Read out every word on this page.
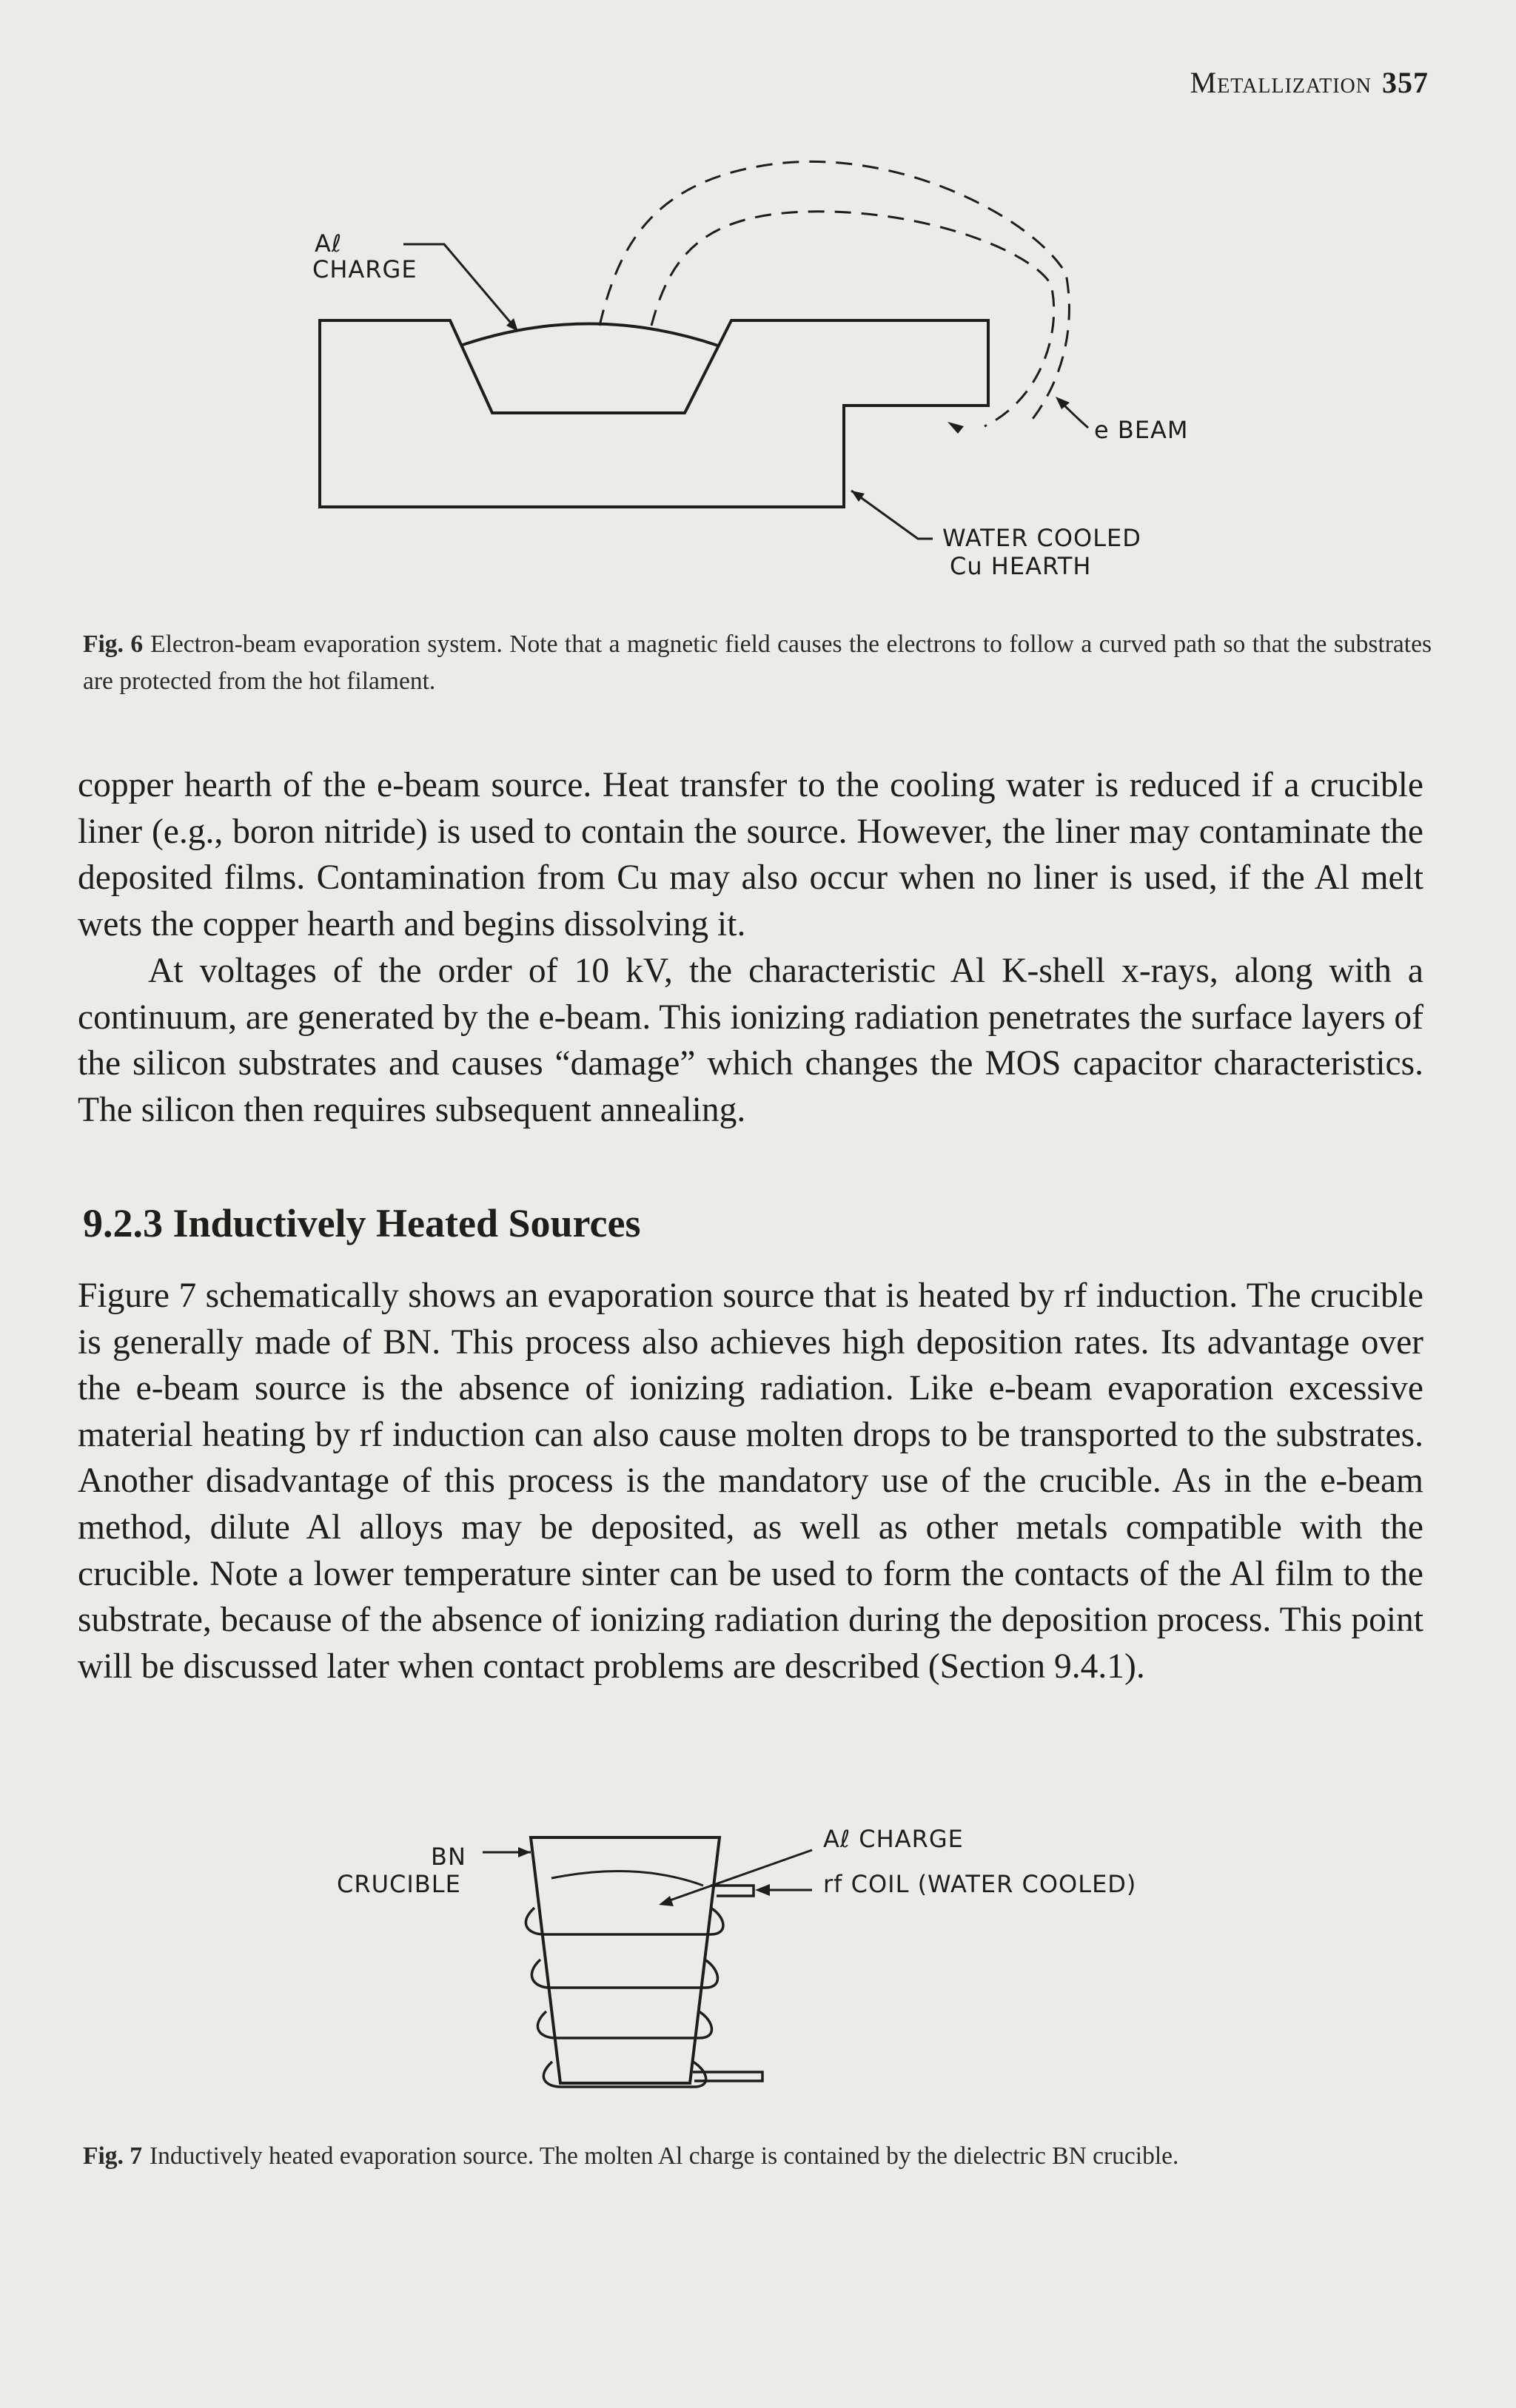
Metallization 357
Aℓ
CHARGE
e BEAM
WATER COOLED
Cu HEARTH
Fig. 6 Electron-beam evaporation system. Note that a magnetic field causes the electrons to follow a curved path so that the substrates are protected from the hot filament.

copper hearth of the e-beam source. Heat transfer to the cooling water is reduced if a crucible liner (e.g., boron nitride) is used to contain the source. However, the liner may contaminate the deposited films. Contamination from Cu may also occur when no liner is used, if the Al melt wets the copper hearth and begins dissolving it.

At voltages of the order of 10 kV, the characteristic Al K-shell x-rays, along with a continuum, are generated by the e-beam. This ionizing radiation penetrates the surface layers of the silicon substrates and causes “damage” which changes the MOS capacitor characteristics. The silicon then requires subsequent annealing.

9.2.3 Inductively Heated Sources

Figure 7 schematically shows an evaporation source that is heated by rf induction. The crucible is generally made of BN. This process also achieves high deposition rates. Its advantage over the e-beam source is the absence of ionizing radiation. Like e-beam evaporation excessive material heating by rf induction can also cause molten drops to be transported to the substrates. Another disadvantage of this process is the mandatory use of the crucible. As in the e-beam method, dilute Al alloys may be deposited, as well as other metals compatible with the crucible. Note a lower temperature sinter can be used to form the contacts of the Al film to the substrate, because of the absence of ionizing radiation during the deposition process. This point will be discussed later when contact problems are described (Section 9.4.1).

BN
CRUCIBLE
Aℓ CHARGE
rf COIL (WATER COOLED)
Fig. 7 Inductively heated evaporation source. The molten Al charge is contained by the dielectric BN crucible.
